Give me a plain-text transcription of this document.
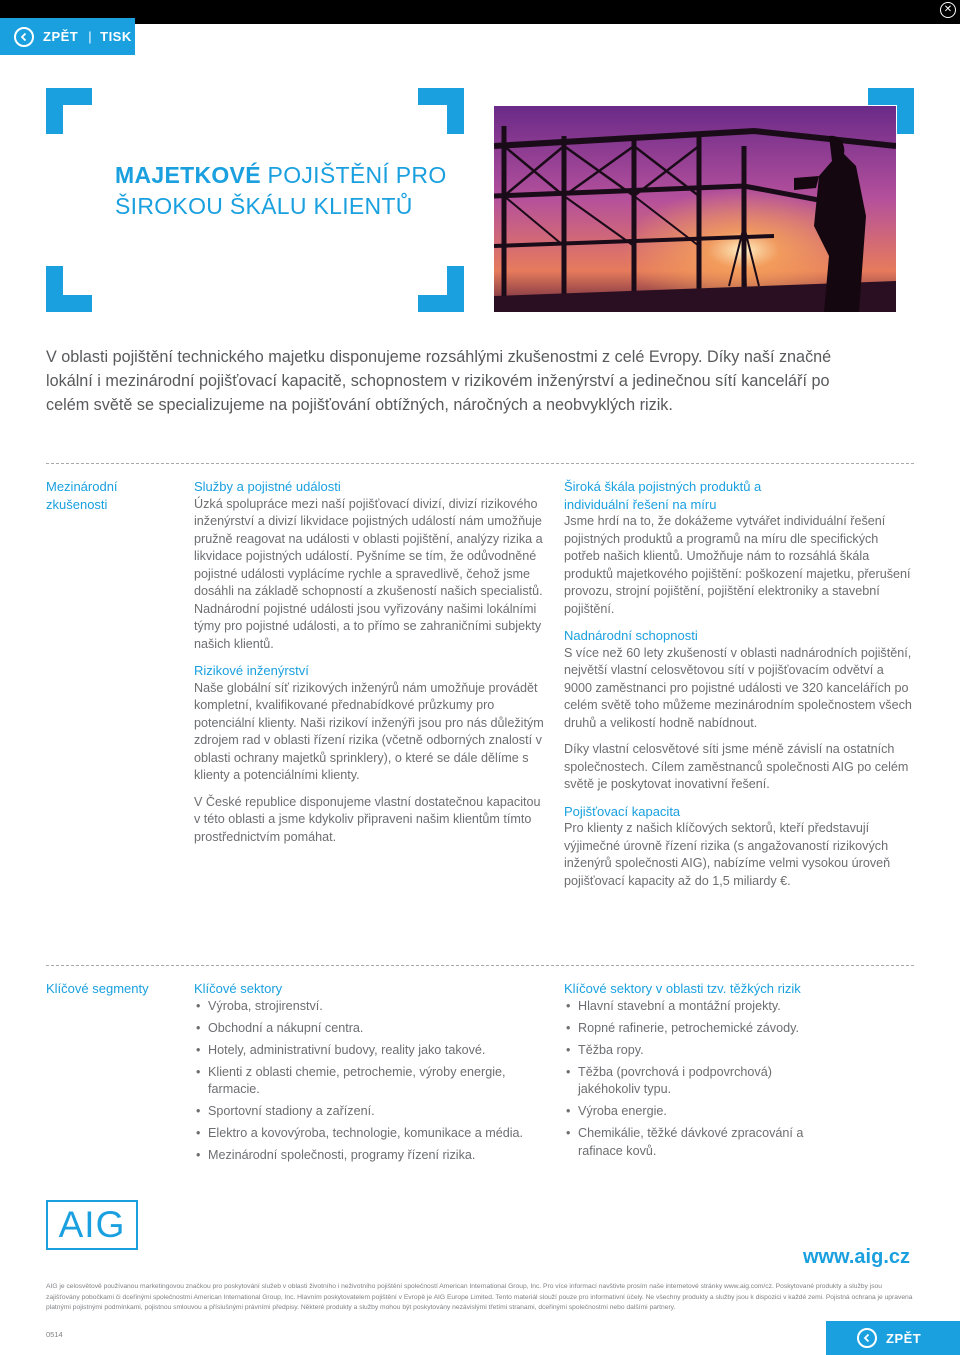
✕
ZPĚT | TISK
MAJETKOVÉ POJIŠTĚNÍ PRO
ŠIROKOU ŠKÁLU KLIENTŮ
V oblasti pojištění technického majetku disponujeme rozsáhlými zkušenostmi z celé Evropy. Díky naší značné lokální i mezinárodní pojišťovací kapacitě, schopnostem v rizikovém inženýrství a jedinečnou sítí kanceláří po celém světě se specializujeme na pojišťování obtížných, náročných a neobvyklých rizik.
Mezinárodní zkušenosti
Služby a pojistné události

Úzká spolupráce mezi naší pojišťovací divizí, divizí rizikového inženýrství a divizí likvidace pojistných událostí nám umožňuje pružně reagovat na události v oblasti pojištění, analýzy rizika a likvidace pojistných událostí. Pyšníme se tím, že odůvodněné pojistné události vyplácíme rychle a spravedlivě, čehož jsme dosáhli na základě schopností a zkušeností našich specialistů. Nadnárodní pojistné události jsou vyřizovány našimi lokálními týmy pro pojistné události, a to přímo se zahraničními subjekty našich klientů.

Rizikové inženýrství

Naše globální síť rizikových inženýrů nám umožňuje provádět kompletní, kvalifikované přednabídkové průzkumy pro potenciální klienty. Naši rizikoví inženýři jsou pro nás důležitým zdrojem rad v oblasti řízení rizika (včetně odborných znalostí v oblasti ochrany majetků sprinklery), o které se dále dělíme s klienty a potenciálními klienty.

V České republice disponujeme vlastní dostatečnou kapacitou v této oblasti a jsme kdykoliv připraveni našim klientům tímto prostřednictvím pomáhat.

Široká škála pojistných produktů a individuální řešení na míru

Jsme hrdí na to, že dokážeme vytvářet individuální řešení pojistných produktů a programů na míru dle specifických potřeb našich klientů. Umožňuje nám to rozsáhlá škála produktů majetkového pojištění: poškození majetku, přerušení provozu, strojní pojištění, pojištění elektroniky a stavební pojištění.

Nadnárodní schopnosti

S více než 60 lety zkušeností v oblasti nadnárodních pojištění, největší vlastní celosvětovou sítí v pojišťovacím odvětví a 9000 zaměstnanci pro pojistné události ve 320 kancelářích po celém světě toho můžeme mezinárodním společnostem všech druhů a velikostí hodně nabídnout.

Díky vlastní celosvětové síti jsme méně závislí na ostatních společnostech. Cílem zaměstnanců společnosti AIG po celém světě je poskytovat inovativní řešení.

Pojišťovací kapacita

Pro klienty z našich klíčových sektorů, kteří představují výjimečné úrovně řízení rizika (s angažovaností rizikových inženýrů společnosti AIG), nabízíme velmi vysokou úroveň pojišťovací kapacity až do 1,5 miliardy €.

Klíčové segmenty	Klíčové sektory
• Výroba, strojirenství.
• Obchodní a nákupní centra.
• Hotely, administrativní budovy, reality jako takové.
• Klienti z oblasti chemie, petrochemie, výroby energie, farmacie.
• Sportovní stadiony a zařízení.
• Elektro a kovovýroba, technologie, komunikace a média.
• Mezinárodní společnosti, programy řízení rizika.
Klíčové sektory v oblasti tzv. těžkých rizik
• Hlavní stavební a montážní projekty.
• Ropné rafinerie, petrochemické závody.
• Těžba ropy.
• Těžba (povrchová i podpovrchová) jakéhokoliv typu.
• Výroba energie.
• Chemikálie, těžké dávkové zpracování a rafinace kovů.
AIG
www.aig.cz
AIG je celosvětově používanou marketingovou značkou pro poskytování služeb v oblasti životního i neživotního pojištění společností American International Group, Inc. Pro více informací navštivte prosím naše internetové stránky www.aig.com/cz. Poskytované produkty a služby jsou zajišťovány pobočkami či dceřinými společnostmi American International Group, Inc. Hlavním poskytovatelem pojištění v Evropě je AIG Europe Limited. Tento materiál slouží pouze pro informativní účely. Ne všechny produkty a služby jsou k dispozici v každé zemi. Pojistná ochrana je upravena platnými pojistnými podmínkami, pojistnou smlouvou a příslušnými právními předpisy. Některé produkty a služby mohou být poskytovány nezávislými třetími stranami, dceřinými společnostmi nebo dalšími partnery.
0514	ZPĚT
